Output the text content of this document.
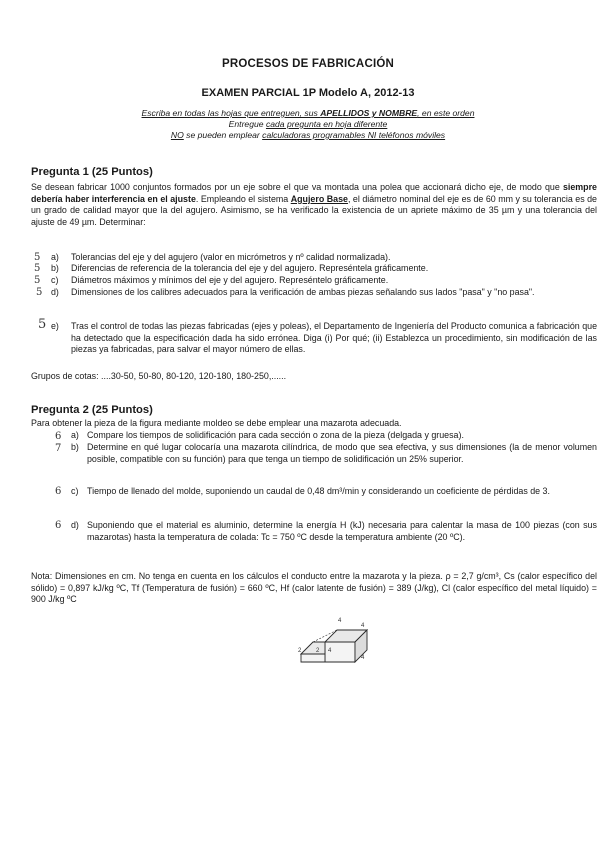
PROCESOS DE FABRICACIÓN
EXAMEN PARCIAL 1P Modelo A, 2012-13
Escriba en todas las hojas que entreguen, sus APELLIDOS y NOMBRE, en este orden
Entregue cada pregunta en hoja diferente
NO se pueden emplear calculadoras programables NI teléfonos móviles
Pregunta 1 (25 Puntos)
Se desean fabricar 1000 conjuntos formados por un eje sobre el que va montada una polea que accionará dicho eje, de modo que siempre debería haber interferencia en el ajuste. Empleando el sistema Agujero Base, el diámetro nominal del eje es de 60 mm y su tolerancia es de un grado de calidad mayor que la del agujero. Asimismo, se ha verificado la existencia de un apriete máximo de 35 µm y una tolerancia del ajuste de 49 µm. Determinar:
5 a) Tolerancias del eje y del agujero (valor en micrómetros y nº calidad normalizada).
5 b) Diferencias de referencia de la tolerancia del eje y del agujero. Represéntela gráficamente.
5 c) Diámetros máximos y mínimos del eje y del agujero. Represéntelo gráficamente.
5 d) Dimensiones de los calibres adecuados para la verificación de ambas piezas señalando sus lados "pasa" y "no pasa".
5 e) Tras el control de todas las piezas fabricadas (ejes y poleas), el Departamento de Ingeniería del Producto comunica a fabricación que ha detectado que la especificación dada ha sido errónea. Diga (i) Por qué; (ii) Establezca un procedimiento, sin modificación de las piezas ya fabricadas, para salvar el mayor número de ellas.
Grupos de cotas: ....30-50, 50-80, 80-120, 120-180, 180-250,......
Pregunta 2 (25 Puntos)
Para obtener la pieza de la figura mediante moldeo se debe emplear una mazarota adecuada.
6 a) Compare los tiempos de solidificación para cada sección o zona de la pieza (delgada y gruesa).
7 b) Determine en qué lugar colocaría una mazarota cilíndrica, de modo que sea efectiva, y sus dimensiones (la de menor volumen posible, compatible con su función) para que tenga un tiempo de solidificación un 25% superior.
6 c) Tiempo de llenado del molde, suponiendo un caudal de 0,48 dm³/min y considerando un coeficiente de pérdidas de 3.
6 d) Suponiendo que el material es aluminio, determine la energía H (kJ) necesaria para calentar la masa de 100 piezas (con sus mazarotas) hasta la temperatura de colada: Tc = 750 ºC desde la temperatura ambiente (20 ºC).
Nota: Dimensiones en cm. No tenga en cuenta en los cálculos el conducto entre la mazarota y la pieza. ρ = 2,7 g/cm³, Cs (calor específico del sólido) = 0,897 kJ/kg ºC, Tf (Temperatura de fusión) = 660 ºC, Hf (calor latente de fusión) = 389 (J/kg), Cl (calor específico del metal líquido) = 900 J/kg ºC
4
4
4
2 2
4
